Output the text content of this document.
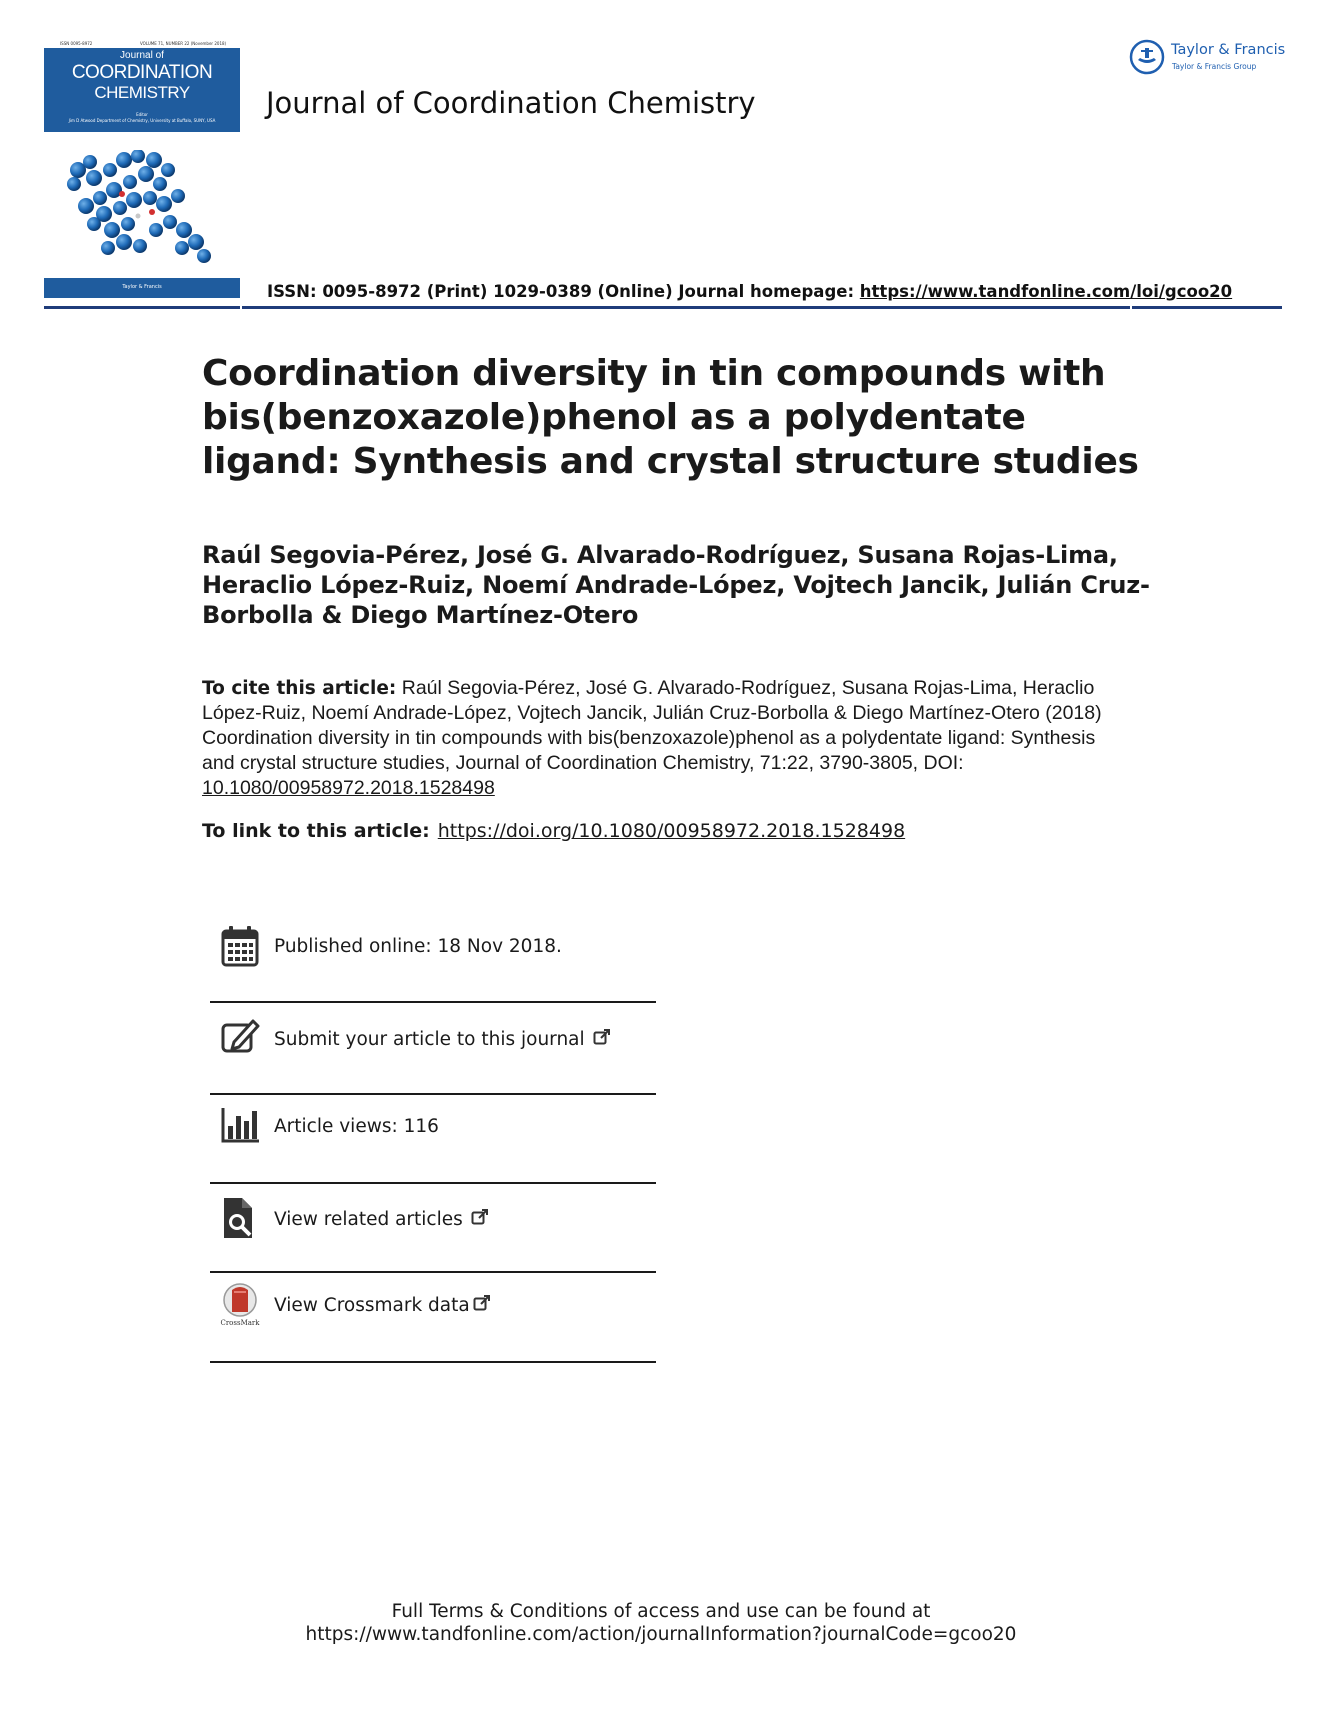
ISSN 0095-8972	VOLUME 71, NUMBER 22 (November 2018)
Journal of
COORDINATION
CHEMISTRY
Editor
Jim D Atwood Department of Chemistry, University at Buffalo, SUNY, USA
Taylor & Francis
Journal of Coordination Chemistry
Taylor & Francis
Taylor & Francis Group
ISSN: 0095-8972 (Print) 1029-0389 (Online) Journal homepage: https://www.tandfonline.com/loi/gcoo20
Coordination diversity in tin compounds with bis(benzoxazole)phenol as a polydentate ligand: Synthesis and crystal structure studies
Raúl Segovia-Pérez, José G. Alvarado-Rodríguez, Susana Rojas-Lima, Heraclio López-Ruiz, Noemí Andrade-López, Vojtech Jancik, Julián Cruz-Borbolla & Diego Martínez-Otero
To cite this article: Raúl Segovia-Pérez, José G. Alvarado-Rodríguez, Susana Rojas-Lima, Heraclio López-Ruiz, Noemí Andrade-López, Vojtech Jancik, Julián Cruz-Borbolla & Diego Martínez-Otero (2018) Coordination diversity in tin compounds with bis(benzoxazole)phenol as a polydentate ligand: Synthesis and crystal structure studies, Journal of Coordination Chemistry, 71:22, 3790-3805, DOI: 10.1080/00958972.2018.1528498
To link to this article: https://doi.org/10.1080/00958972.2018.1528498
Published online: 18 Nov 2018.
Submit your article to this journal
Article views: 116
View related articles
CrossMark
View Crossmark data
Full Terms & Conditions of access and use can be found at
https://www.tandfonline.com/action/journalInformation?journalCode=gcoo20
